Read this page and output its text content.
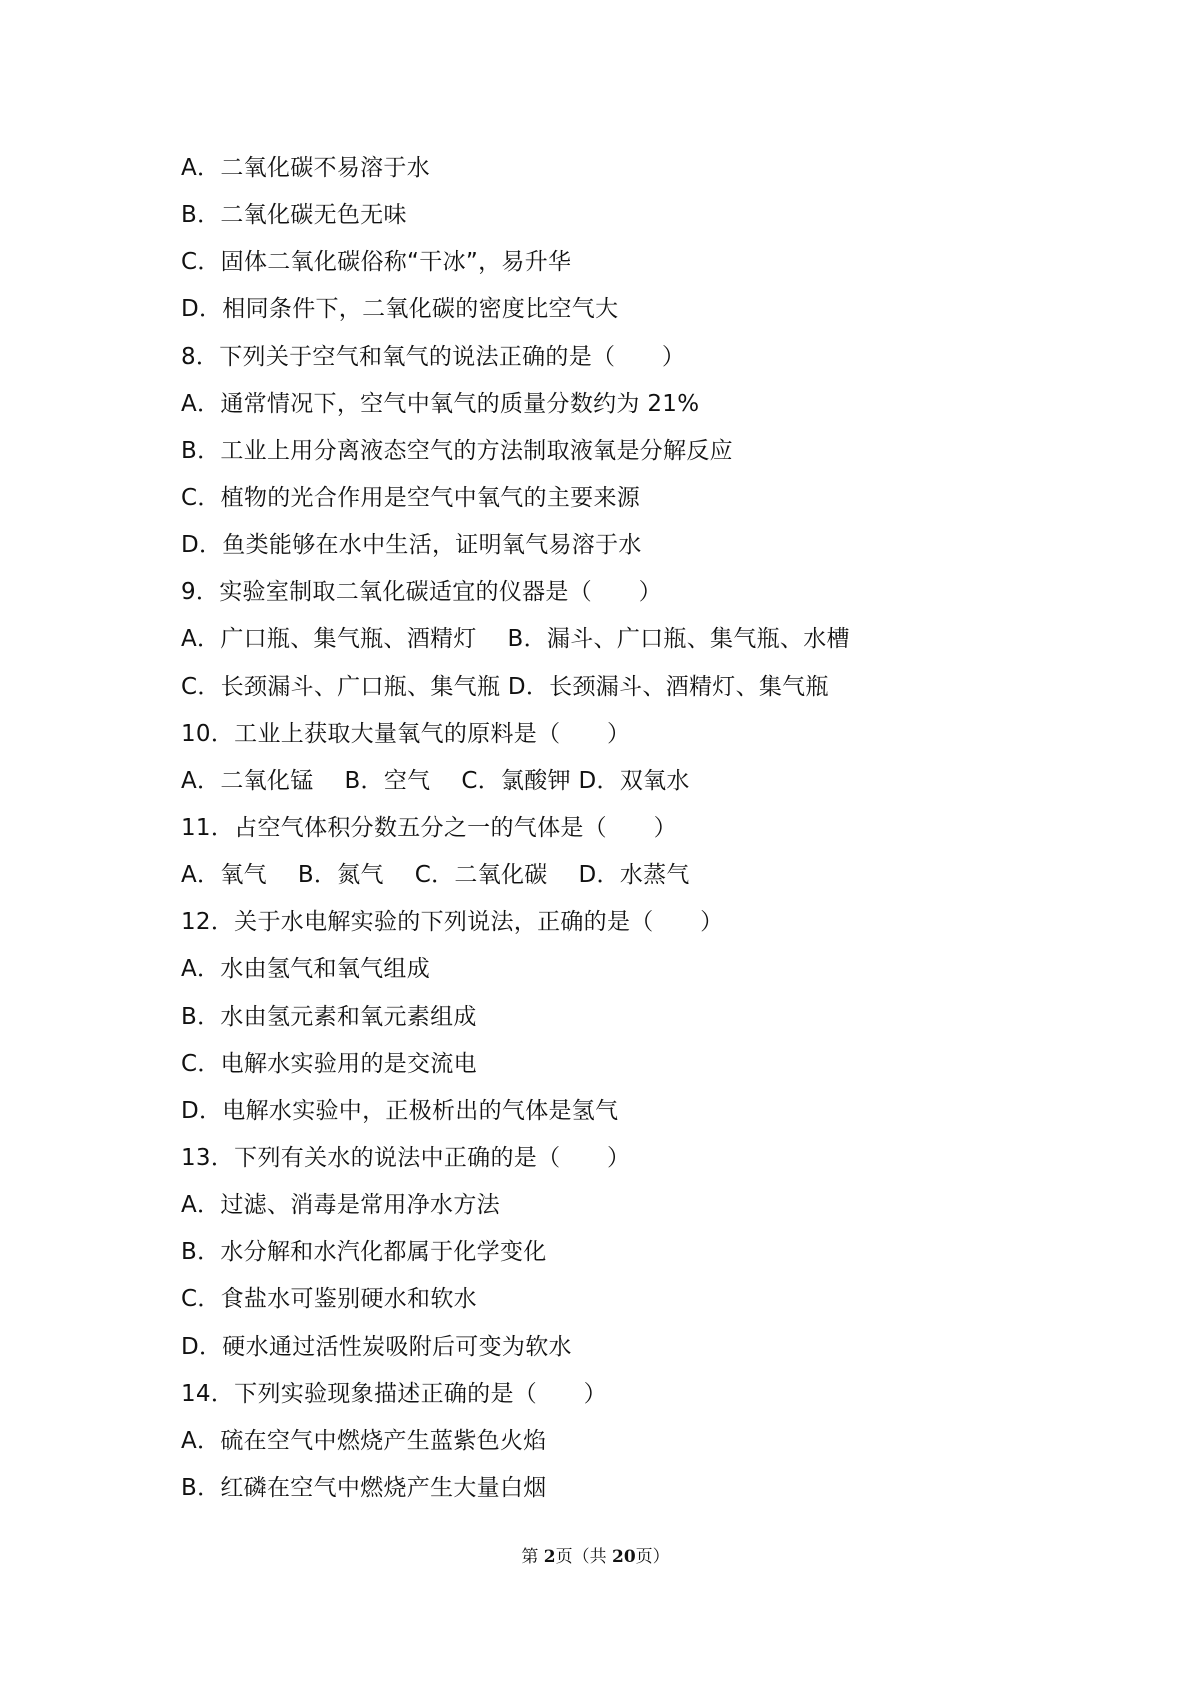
A．二氧化碳不易溶于水
B．二氧化碳无色无味
C．固体二氧化碳俗称“干冰”，易升华
D．相同条件下，二氧化碳的密度比空气大
8．下列关于空气和氧气的说法正确的是（　　）
A．通常情况下，空气中氧气的质量分数约为 21%
B．工业上用分离液态空气的方法制取液氧是分解反应
C．植物的光合作用是空气中氧气的主要来源
D．鱼类能够在水中生活，证明氧气易溶于水
9．实验室制取二氧化碳适宜的仪器是（　　）
A．广口瓶、集气瓶、酒精灯　 B．漏斗、广口瓶、集气瓶、水槽
C．长颈漏斗、广口瓶、集气瓶 D．长颈漏斗、酒精灯、集气瓶
10．工业上获取大量氧气的原料是（　　）
A．二氧化锰　 B．空气　 C．氯酸钾 D．双氧水
11．占空气体积分数五分之一的气体是（　　）
A．氧气　 B．氮气　 C．二氧化碳　 D．水蒸气
12．关于水电解实验的下列说法，正确的是（　　）
A．水由氢气和氧气组成
B．水由氢元素和氧元素组成
C．电解水实验用的是交流电
D．电解水实验中，正极析出的气体是氢气
13．下列有关水的说法中正确的是（　　）
A．过滤、消毒是常用净水方法
B．水分解和水汽化都属于化学变化
C．食盐水可鉴别硬水和软水
D．硬水通过活性炭吸附后可变为软水
14．下列实验现象描述正确的是（　　）
A．硫在空气中燃烧产生蓝紫色火焰
B．红磷在空气中燃烧产生大量白烟
第 2页（共 20页）
